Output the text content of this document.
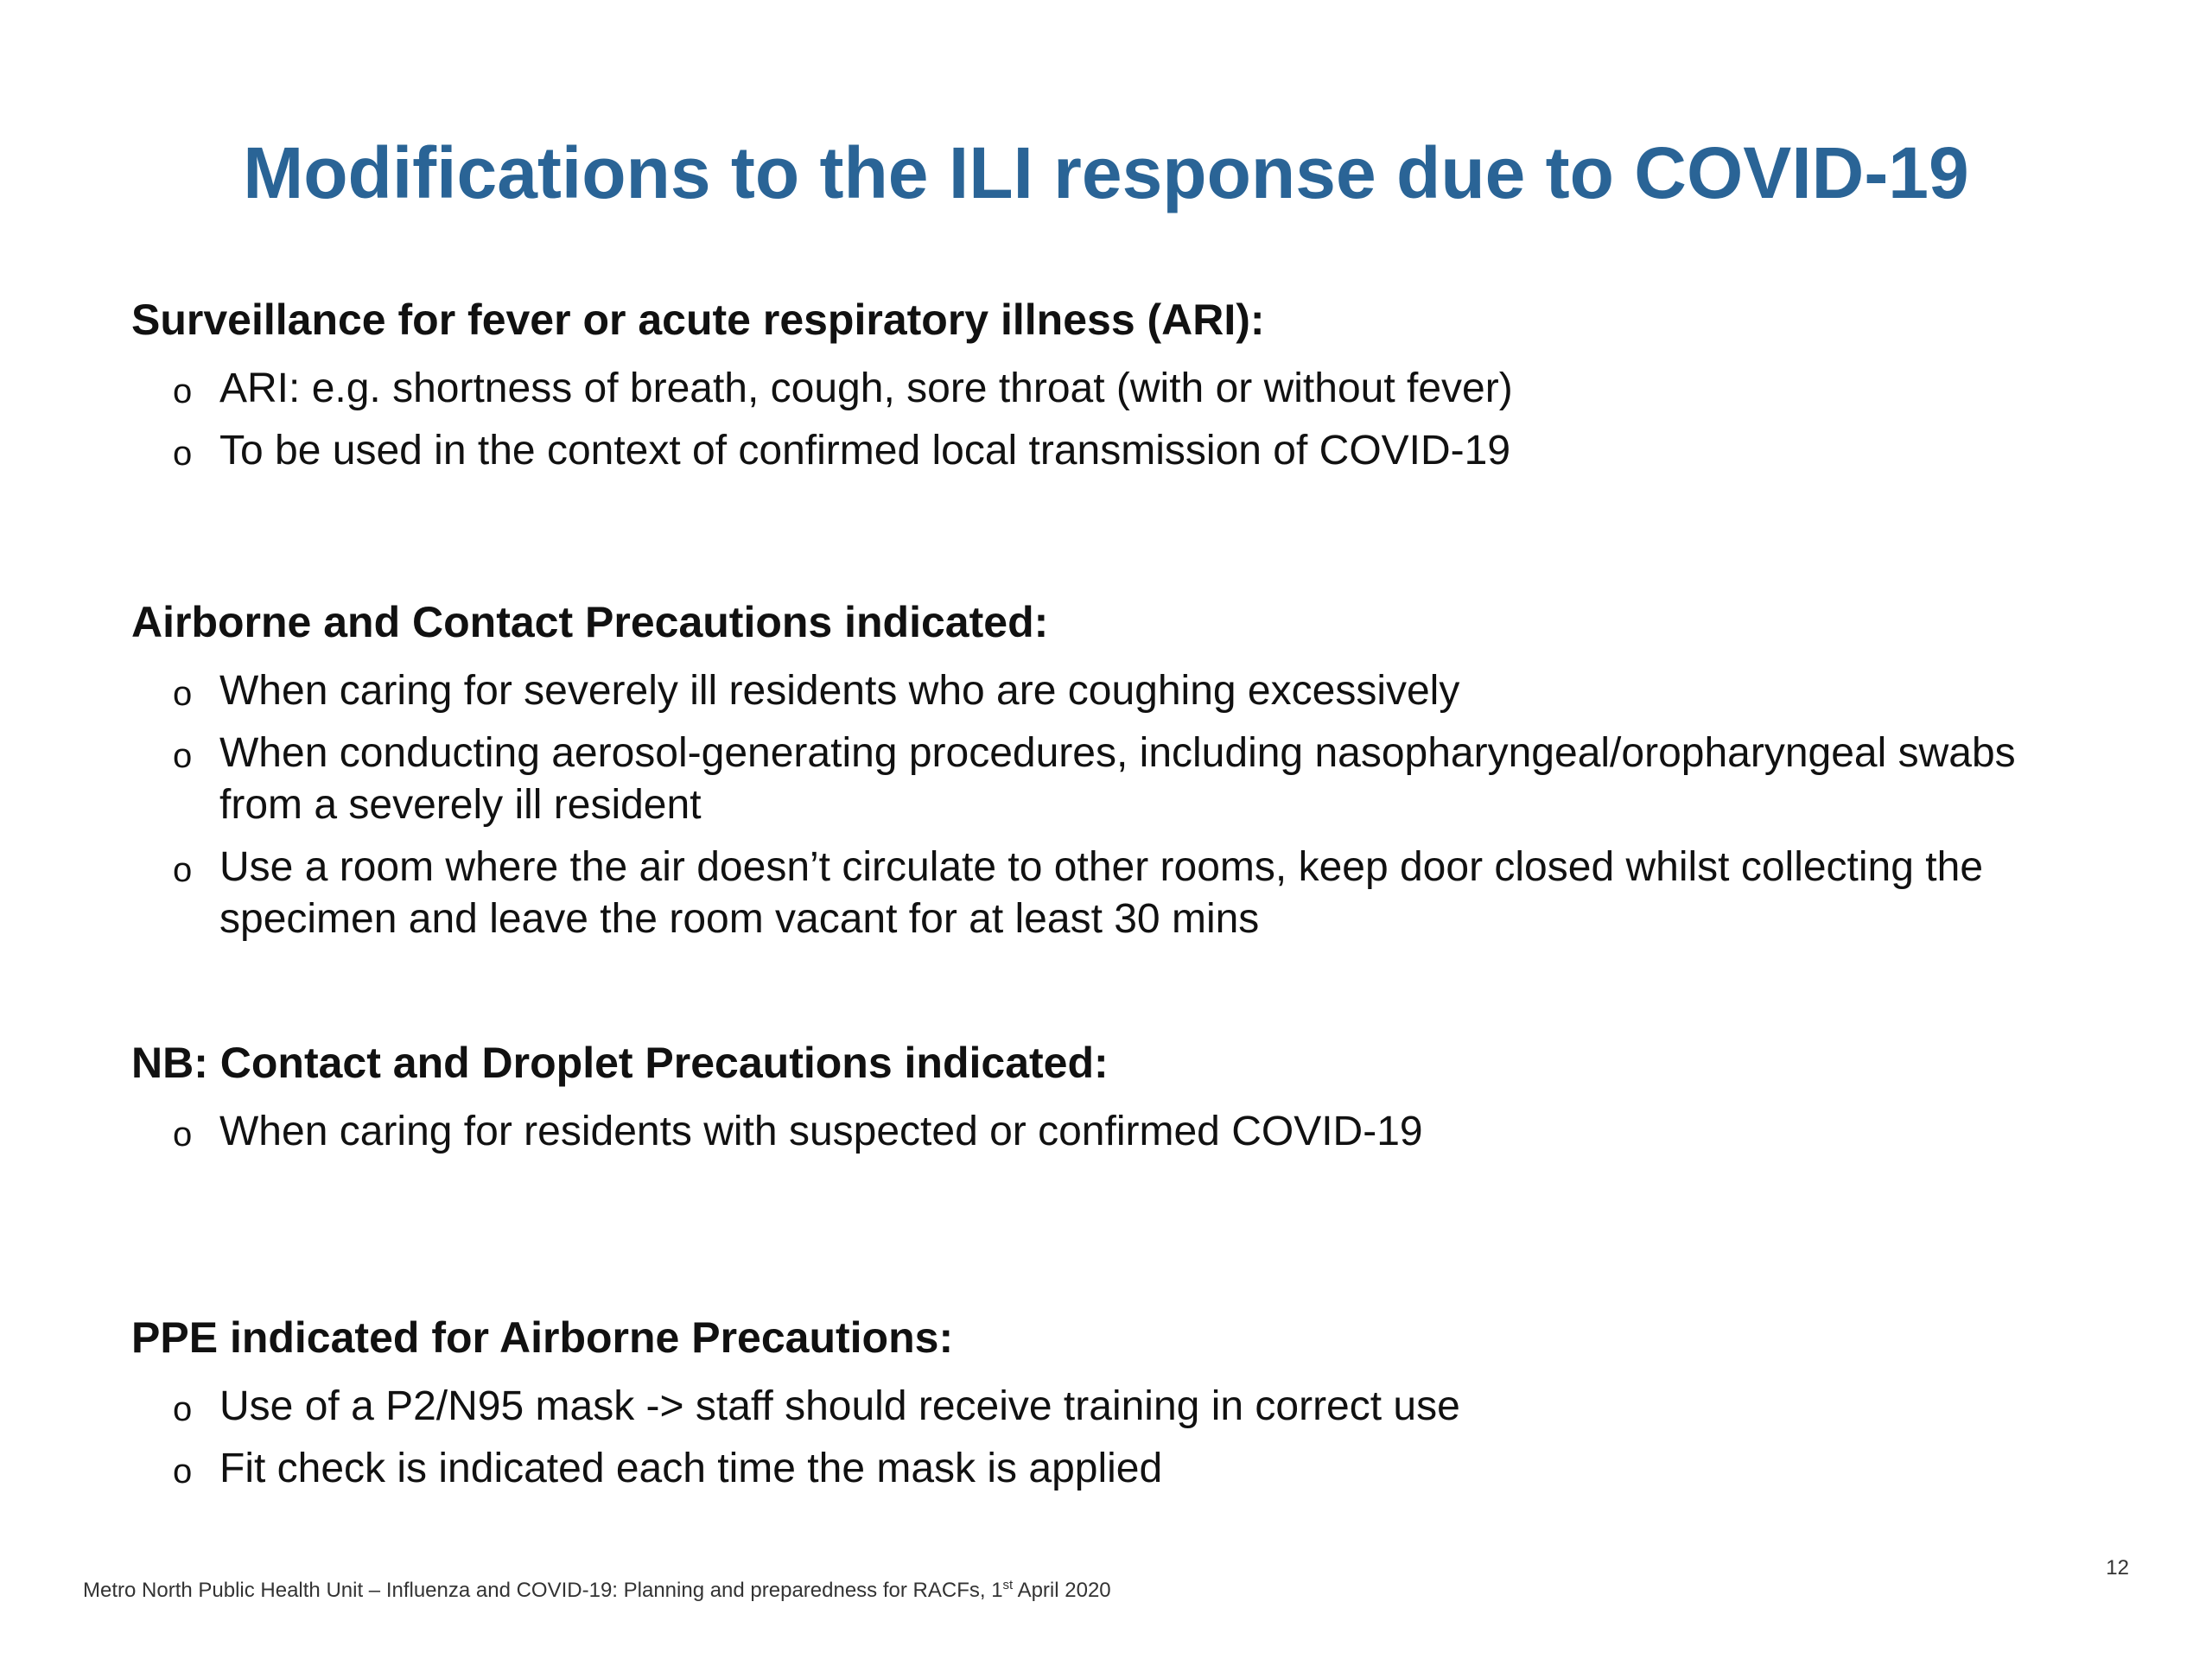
Modifications to the ILI response due to COVID-19
Surveillance for fever or acute respiratory illness (ARI):
o ARI: e.g. shortness of breath, cough, sore throat (with or without fever)
o To be used in the context of confirmed local transmission of COVID-19
Airborne and Contact Precautions indicated:
o When caring for severely ill residents who are coughing excessively
o When conducting aerosol-generating procedures, including nasopharyngeal/oropharyngeal swabs from a severely ill resident
o Use a room where the air doesn’t circulate to other rooms, keep door closed whilst collecting the specimen and leave the room vacant for at least 30 mins
NB: Contact and Droplet Precautions indicated:
o When caring for residents with suspected or confirmed COVID-19
PPE indicated for Airborne Precautions:
o Use of a P2/N95 mask -> staff should receive training in correct use
o Fit check is indicated each time the mask is applied
Metro North Public Health Unit – Influenza and COVID-19: Planning and preparedness for RACFs, 1st April 2020
12
